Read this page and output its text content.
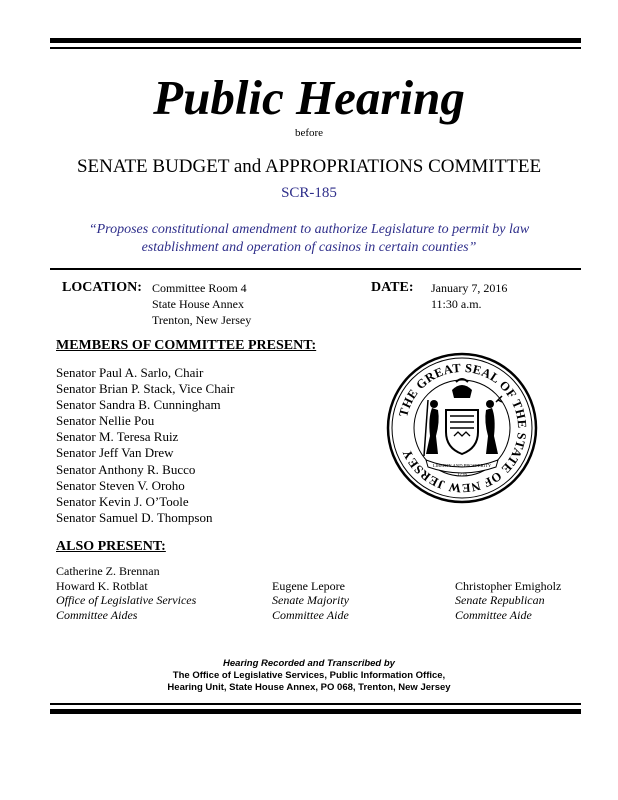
Public Hearing
before
SENATE BUDGET and APPROPRIATIONS COMMITTEE
SCR-185
“Proposes constitutional amendment to authorize Legislature to permit by law
establishment and operation of casinos in certain counties”
LOCATION: Committee Room 4
State House Annex
Trenton, New Jersey
DATE: January 7, 2016
11:30 a.m.
MEMBERS OF COMMITTEE PRESENT:
Senator Paul A. Sarlo, Chair
Senator Brian P. Stack, Vice Chair
Senator Sandra B. Cunningham
Senator Nellie Pou
Senator M. Teresa Ruiz
Senator Jeff Van Drew
Senator Anthony R. Bucco
Senator Steven V. Oroho
Senator Kevin J. O’Toole
Senator Samuel D. Thompson
THE GREAT SEAL OF THE STATE OF NEW JERSEY
LIBERTY AND PROSPERITY
1776
ALSO PRESENT:
Catherine Z. Brennan
Howard K. Rotblat
Office of Legislative Services
Committee Aides
Eugene Lepore
Senate Majority
Committee Aide
Christopher Emigholz
Senate Republican
Committee Aide
Hearing Recorded and Transcribed by
The Office of Legislative Services, Public Information Office,
Hearing Unit, State House Annex, PO 068, Trenton, New Jersey
